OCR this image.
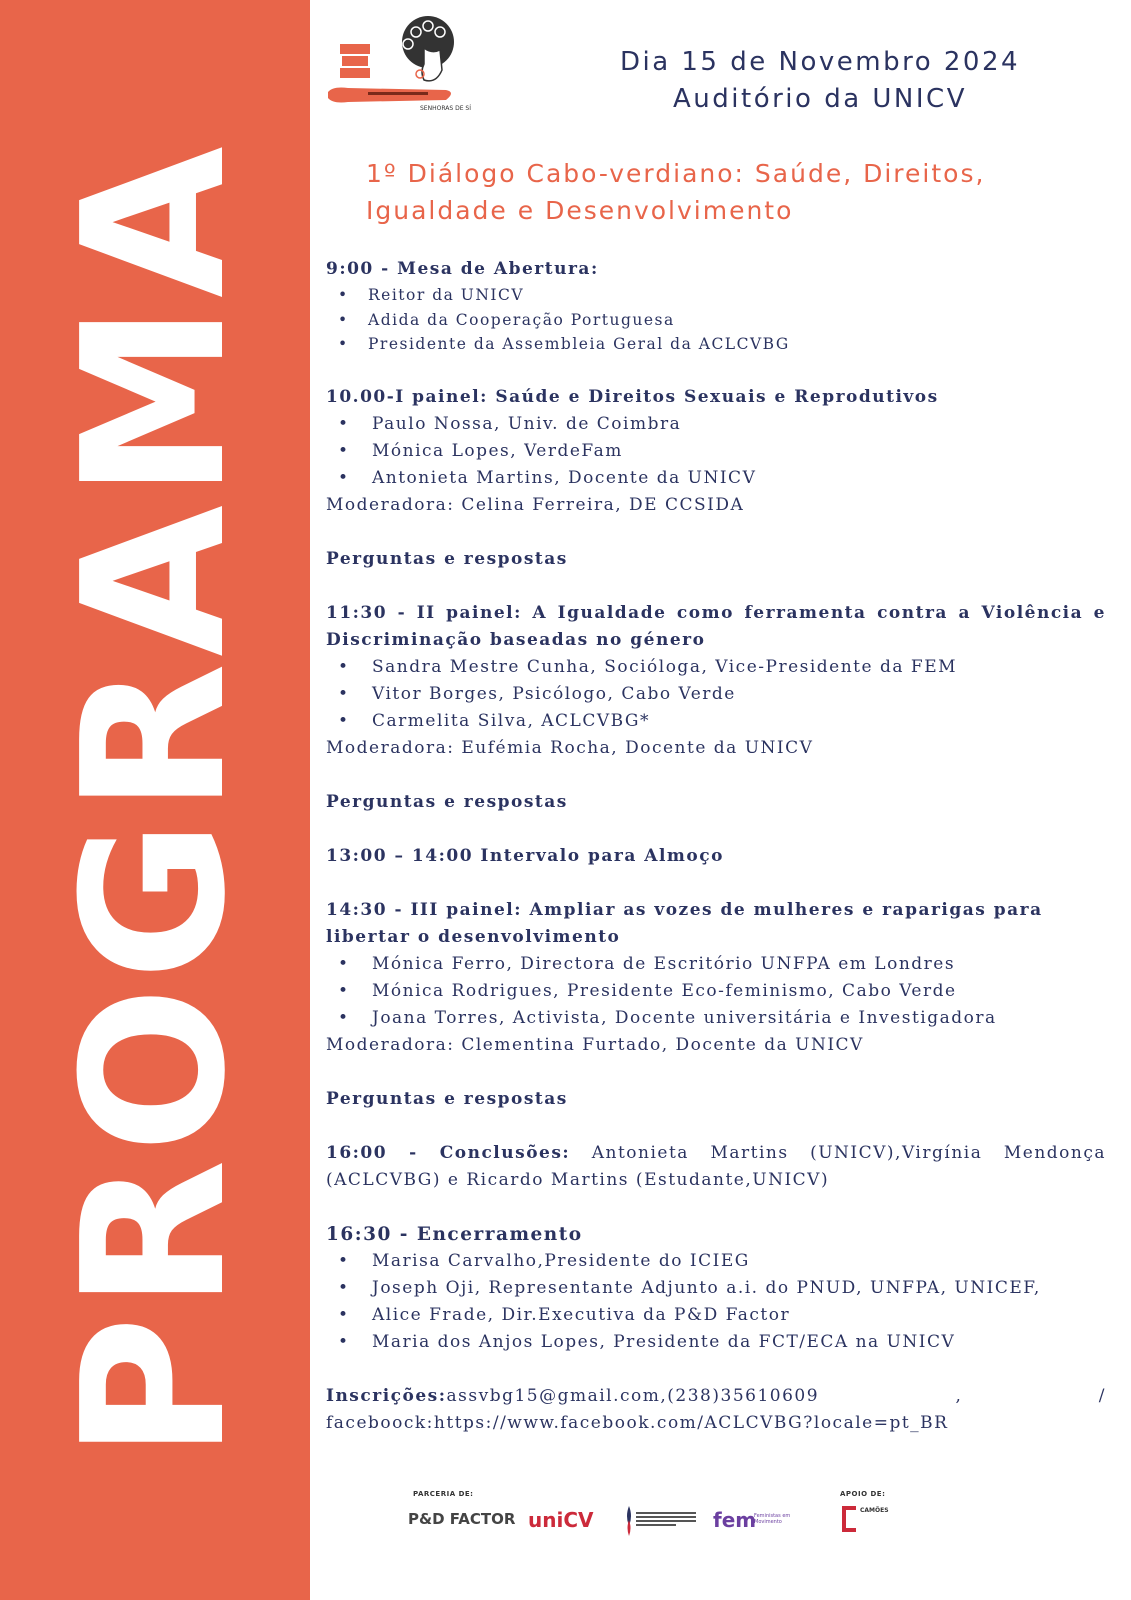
PROGRAMA
SENHORAS DE SÍ
Dia 15 de Novembro 2024
Auditório da UNICV
1º Diálogo Cabo-verdiano: Saúde, Direitos,
Igualdade e Desenvolvimento

9:00 - Mesa de Abertura:

• Reitor da UNICV
• Adida da Cooperação Portuguesa
• Presidente da Assembleia Geral da ACLCVBG

10.00-I painel: Saúde e Direitos Sexuais e Reprodutivos

• Paulo Nossa, Univ. de Coimbra
• Mónica Lopes, VerdeFam
• Antonieta Martins, Docente da UNICV

Moderadora: Celina Ferreira, DE CCSIDA

Perguntas e respostas

11:30 - II painel: A Igualdade como ferramenta contra a Violência e Discriminação baseadas no género

• Sandra Mestre Cunha, Socióloga, Vice-Presidente da FEM
• Vitor Borges, Psicólogo, Cabo Verde
• Carmelita Silva, ACLCVBG*

Moderadora: Eufémia Rocha, Docente da UNICV

Perguntas e respostas

13:00 – 14:00 Intervalo para Almoço

14:30 - III painel: Ampliar as vozes de mulheres e raparigas para libertar o desenvolvimento

• Mónica Ferro, Directora de Escritório UNFPA em Londres
• Mónica Rodrigues, Presidente Eco-feminismo, Cabo Verde
• Joana Torres, Activista, Docente universitária e Investigadora

Moderadora: Clementina Furtado, Docente da UNICV

Perguntas e respostas

16:00 - Conclusões: Antonieta Martins (UNICV),Virgínia Mendonça (ACLCVBG) e Ricardo Martins (Estudante,UNICV)

16:30 - Encerramento

• Marisa Carvalho,Presidente do ICIEG
• Joseph Oji, Representante Adjunto a.i. do PNUD, UNFPA, UNICEF,
• Alice Frade, Dir.Executiva da P&D Factor
• Maria dos Anjos Lopes, Presidente da FCT/ECA na UNICV

Inscrições:assvbg15@gmail.com,(238)35610609 , / faceboock:https://www.facebook.com/ACLCVBG?locale=pt_BR

PARCERIA DE:
P&D FACTOR uniCV	fem
Feministas em Movimento
APOIO DE:
CAMÕES
